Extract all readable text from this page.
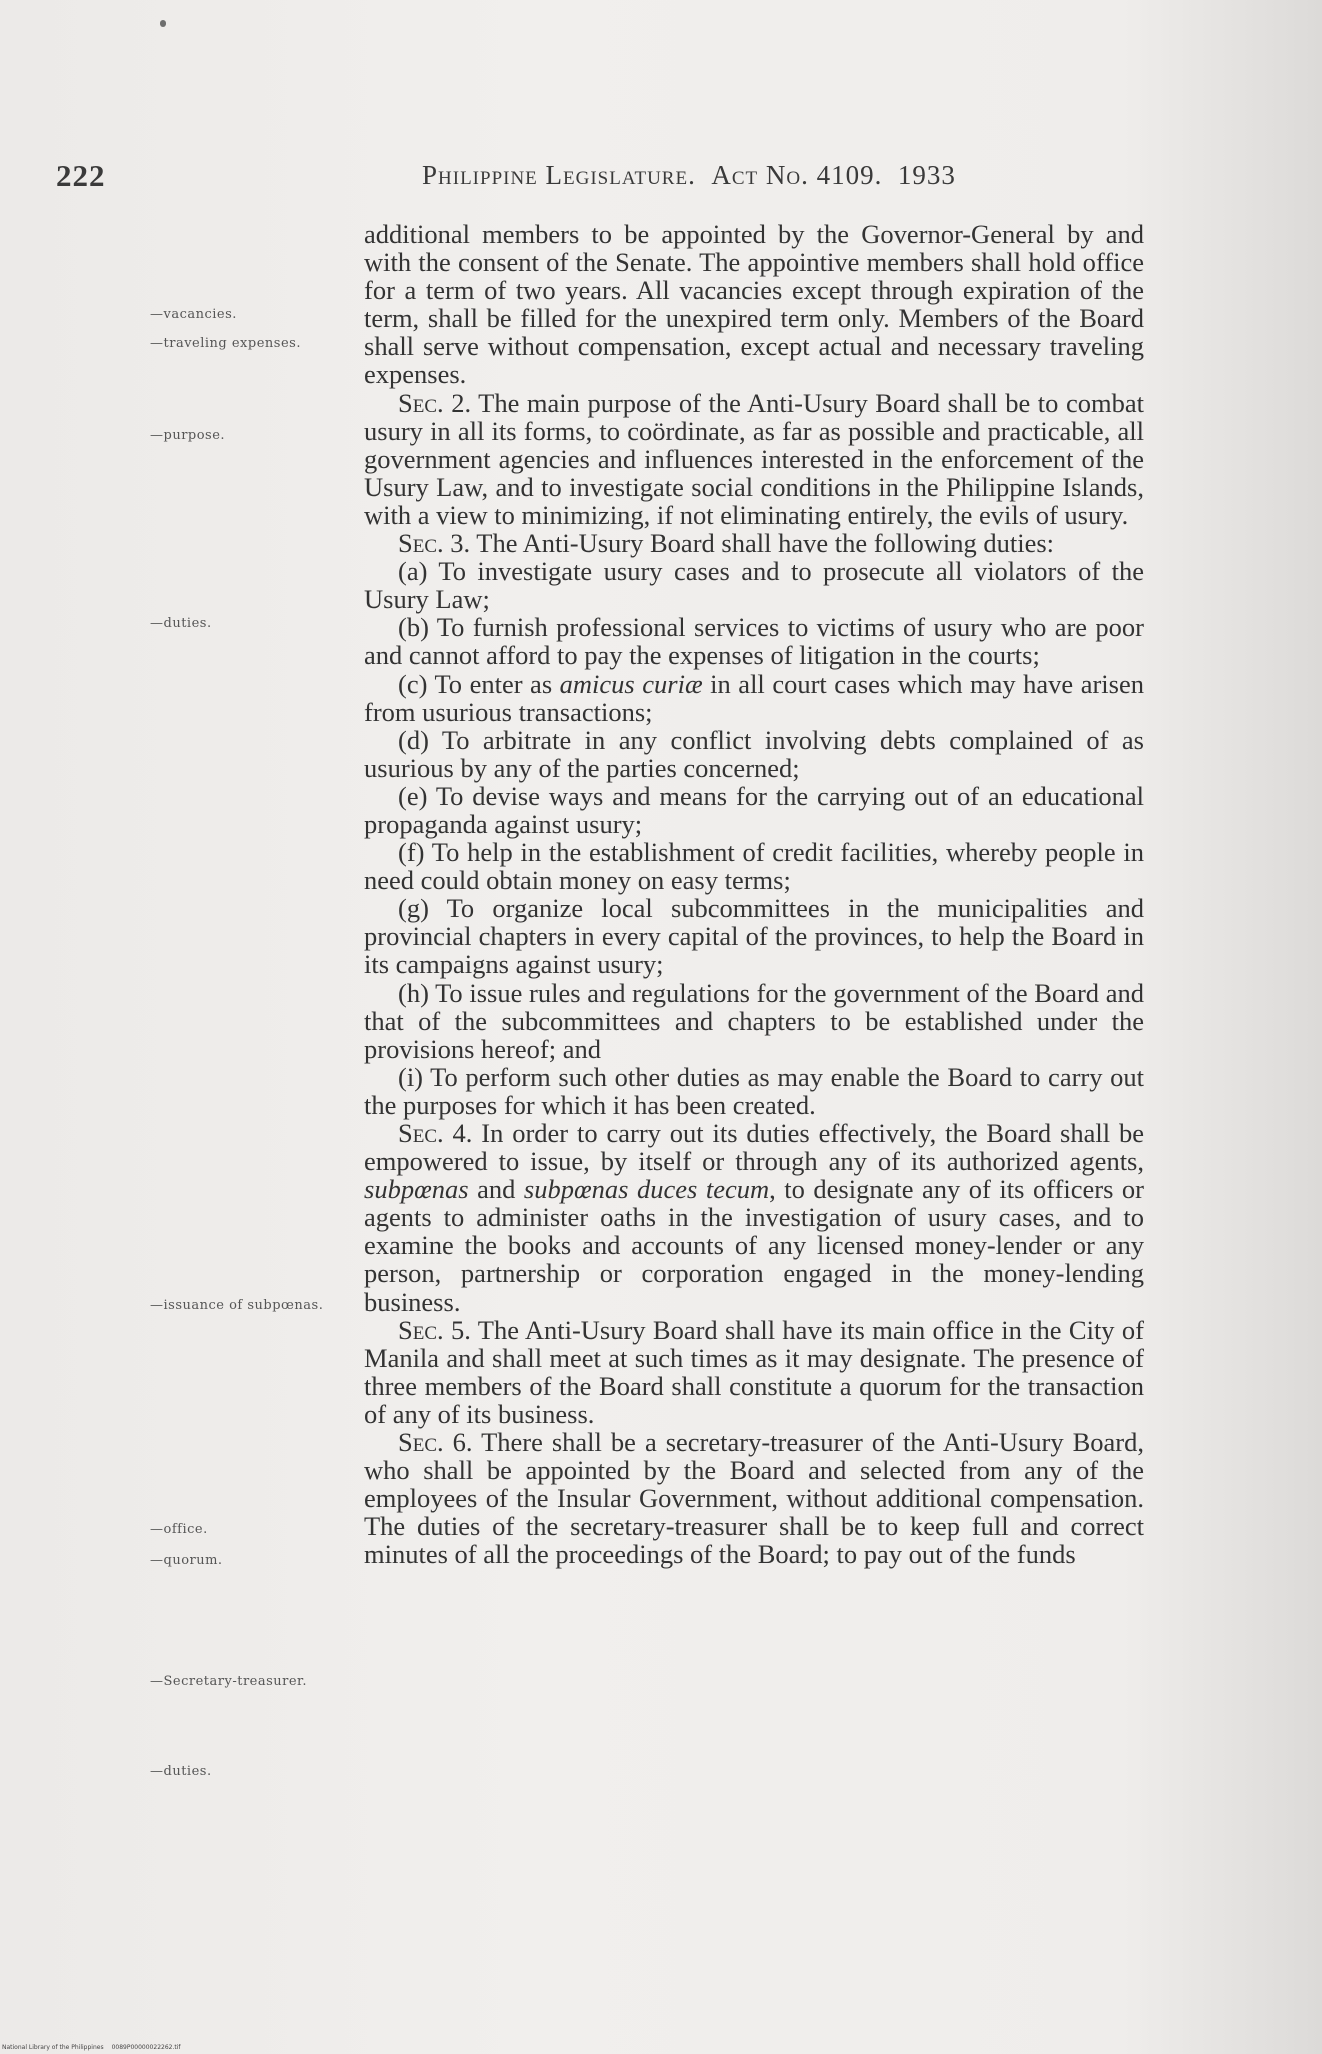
222	Philippine Legislature. Act No. 4109. 1933
—vacancies.
—traveling expenses.
—purpose.
—duties.
—issuance of subpœnas.
—office.
—quorum.
—Secretary-treasurer.
—duties.

additional members to be appointed by the Governor-General by and with the consent of the Senate. The appointive members shall hold office for a term of two years. All vacancies except through expiration of the term, shall be filled for the unexpired term only. Members of the Board shall serve without compensation, except actual and necessary traveling expenses.

Sec. 2. The main purpose of the Anti-Usury Board shall be to combat usury in all its forms, to coördinate, as far as possible and practicable, all government agencies and influences interested in the enforcement of the Usury Law, and to investigate social conditions in the Philippine Islands, with a view to minimizing, if not eliminating entirely, the evils of usury.

Sec. 3. The Anti-Usury Board shall have the following duties:

(a) To investigate usury cases and to prosecute all violators of the Usury Law;

(b) To furnish professional services to victims of usury who are poor and cannot afford to pay the expenses of litigation in the courts;

(c) To enter as amicus curiæ in all court cases which may have arisen from usurious transactions;

(d) To arbitrate in any conflict involving debts complained of as usurious by any of the parties concerned;

(e) To devise ways and means for the carrying out of an educational propaganda against usury;

(f) To help in the establishment of credit facilities, whereby people in need could obtain money on easy terms;

(g) To organize local subcommittees in the municipalities and provincial chapters in every capital of the provinces, to help the Board in its campaigns against usury;

(h) To issue rules and regulations for the government of the Board and that of the subcommittees and chapters to be established under the provisions hereof; and

(i) To perform such other duties as may enable the Board to carry out the purposes for which it has been created.

Sec. 4. In order to carry out its duties effectively, the Board shall be empowered to issue, by itself or through any of its authorized agents, subpœnas and subpœnas duces tecum, to designate any of its officers or agents to administer oaths in the investigation of usury cases, and to examine the books and accounts of any licensed money-lender or any person, partnership or corporation engaged in the money-lending business.

Sec. 5. The Anti-Usury Board shall have its main office in the City of Manila and shall meet at such times as it may designate. The presence of three members of the Board shall constitute a quorum for the transaction of any of its business.

Sec. 6. There shall be a secretary-treasurer of the Anti-Usury Board, who shall be appointed by the Board and selected from any of the employees of the Insular Government, without additional compensation. The duties of the secretary-treasurer shall be to keep full and correct minutes of all the proceedings of the Board; to pay out of the funds

National Library of the Philippines 0089P00000022262.tif
